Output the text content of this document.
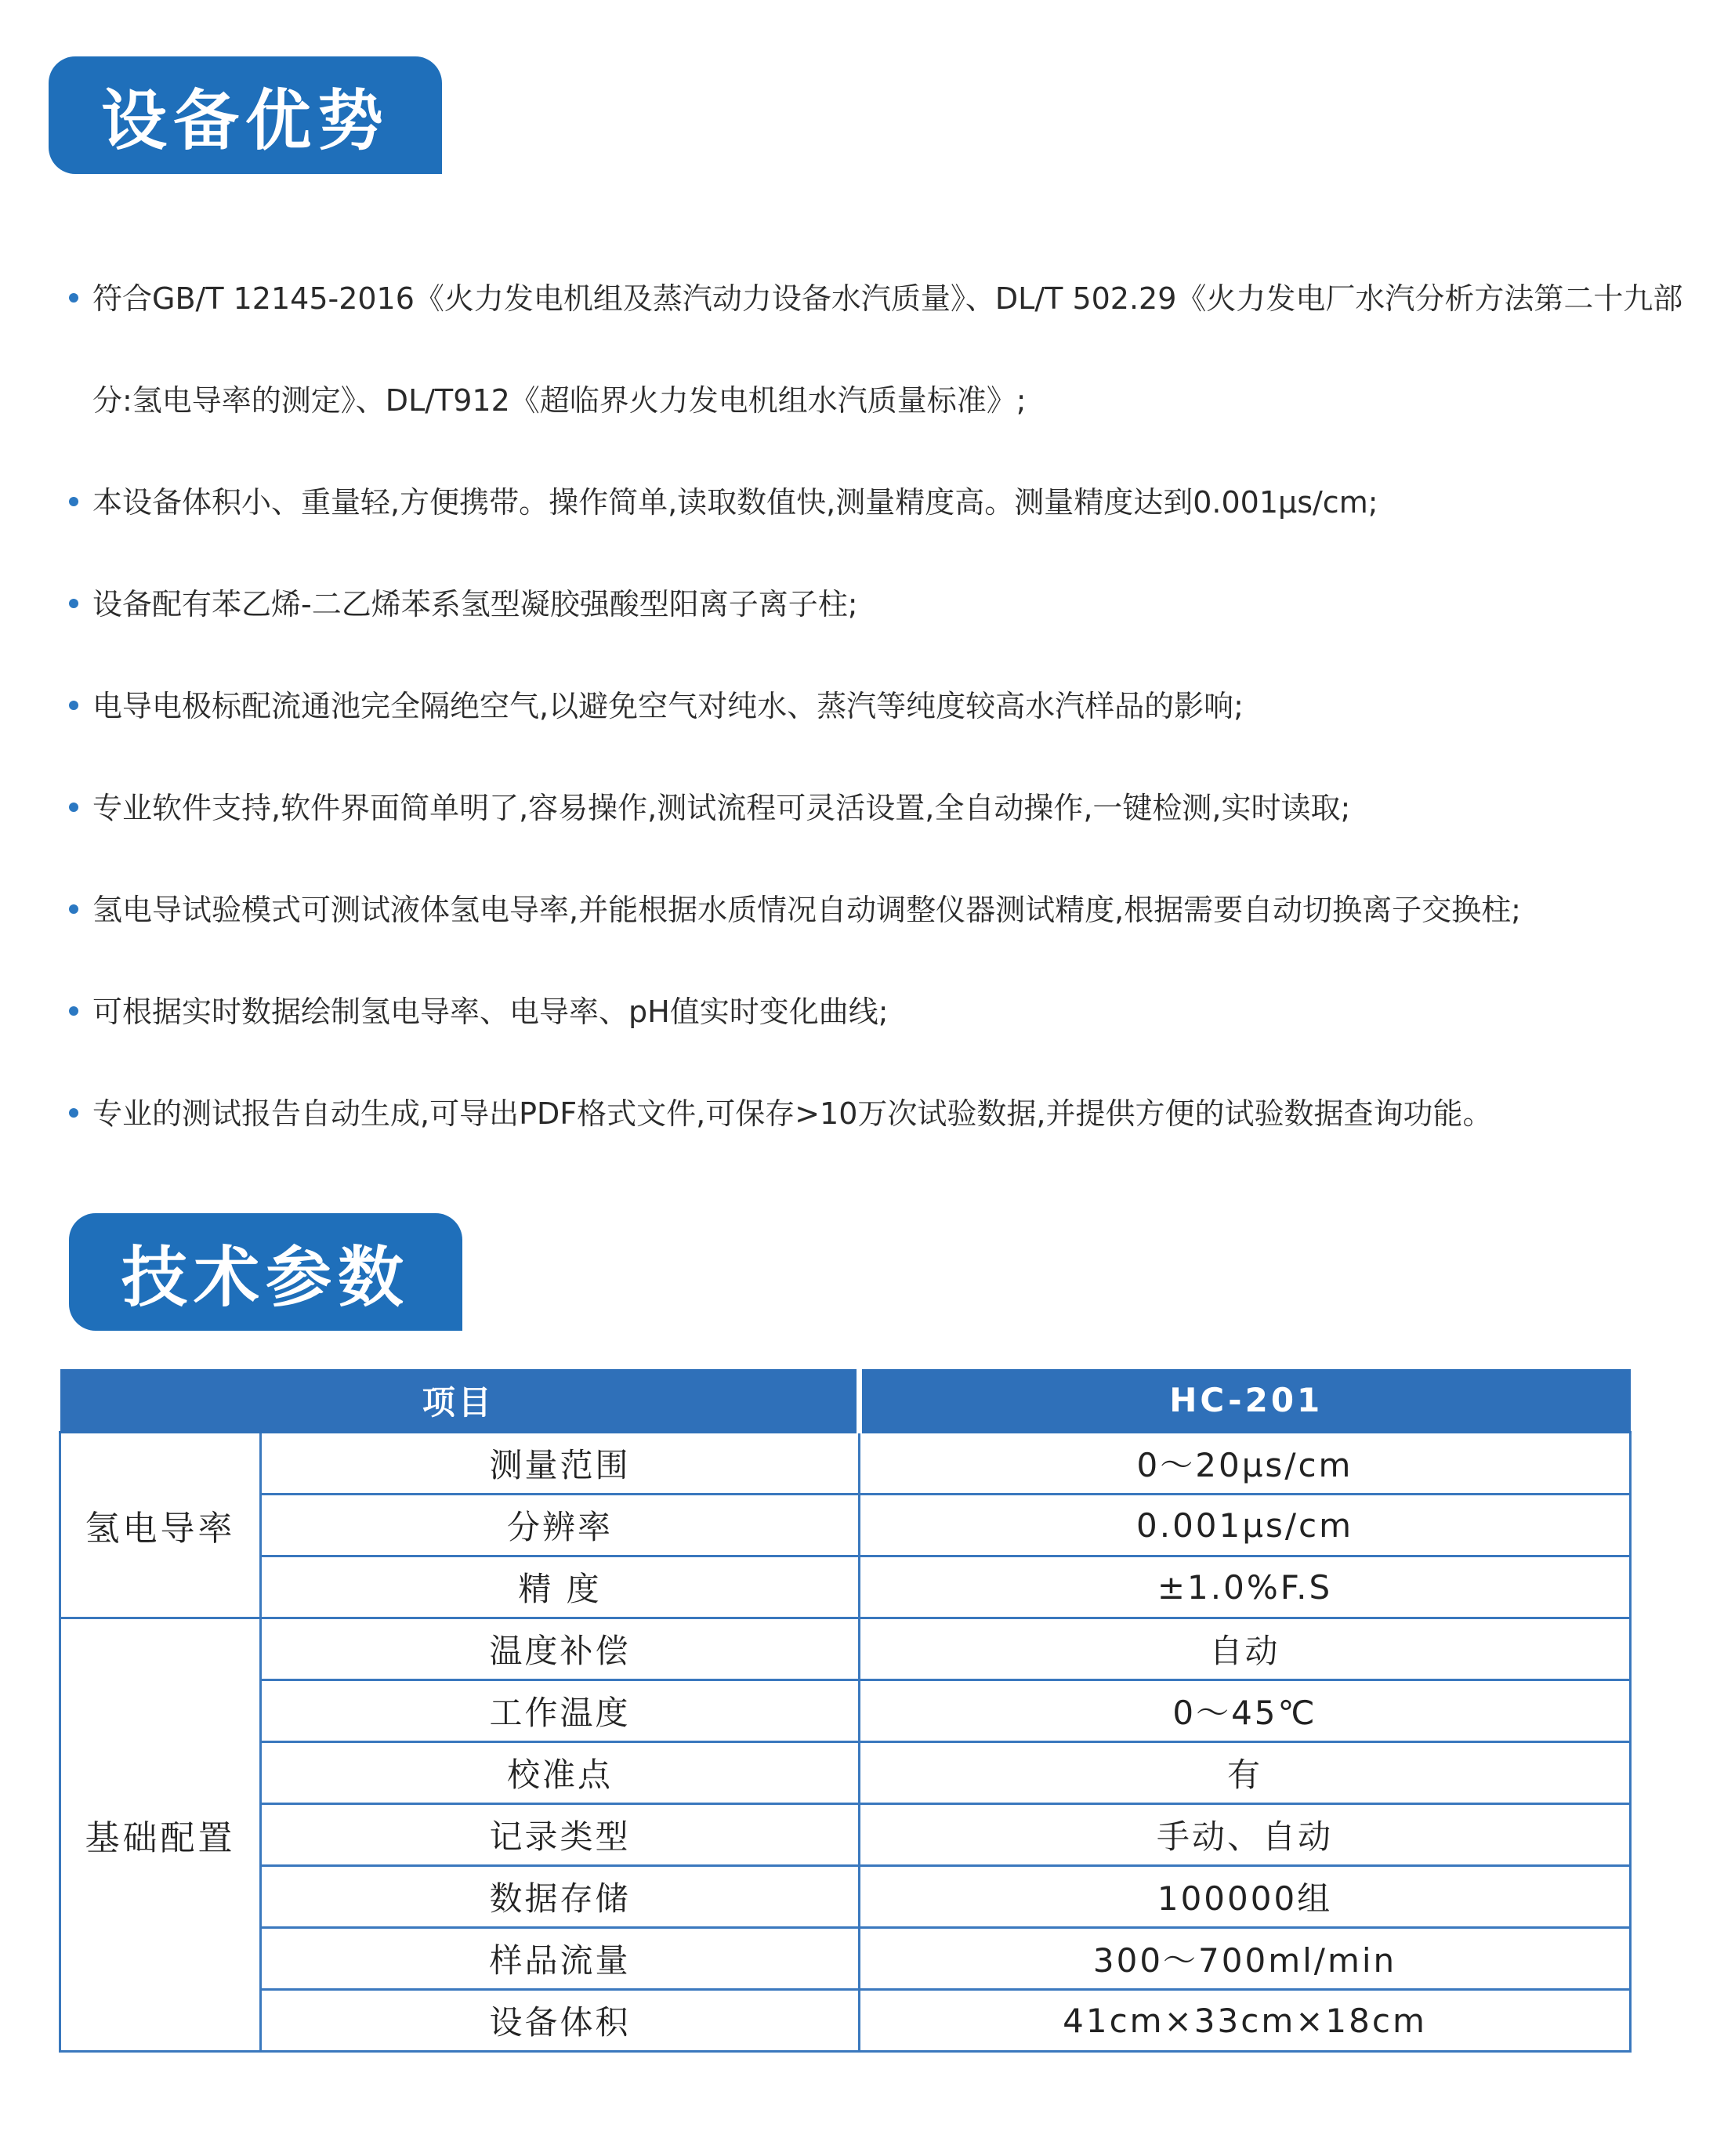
设备优势
符合GB/T 12145-2016《火力发电机组及蒸汽动力设备水汽质量》、DL/T 502.29《火力发电厂水汽分析方法第二十九部分:氢电导率的测定》、DL/T912《超临界火力发电机组水汽质量标准》;
本设备体积小、重量轻,方便携带。操作简单,读取数值快,测量精度高。测量精度达到0.001μs/cm;
设备配有苯乙烯-二乙烯苯系氢型凝胶强酸型阳离子离子柱;
电导电极标配流通池完全隔绝空气,以避免空气对纯水、蒸汽等纯度较高水汽样品的影响;
专业软件支持,软件界面简单明了,容易操作,测试流程可灵活设置,全自动操作,一键检测,实时读取;
氢电导试验模式可测试液体氢电导率,并能根据水质情况自动调整仪器测试精度,根据需要自动切换离子交换柱;
可根据实时数据绘制氢电导率、电导率、pH值实时变化曲线;
专业的测试报告自动生成,可导出PDF格式文件,可保存>10万次试验数据,并提供方便的试验数据查询功能。
技术参数
项目		HC-201
氢电导率	测量范围	0～20μs/cm
	分辨率	0.001μs/cm
	精 度	±1.0%F.S
基础配置	温度补偿	自动
	工作温度	0～45℃
	校准点	有
	记录类型	手动、自动
	数据存储	100000组
	样品流量	300～700ml/min
	设备体积	41cm×33cm×18cm
